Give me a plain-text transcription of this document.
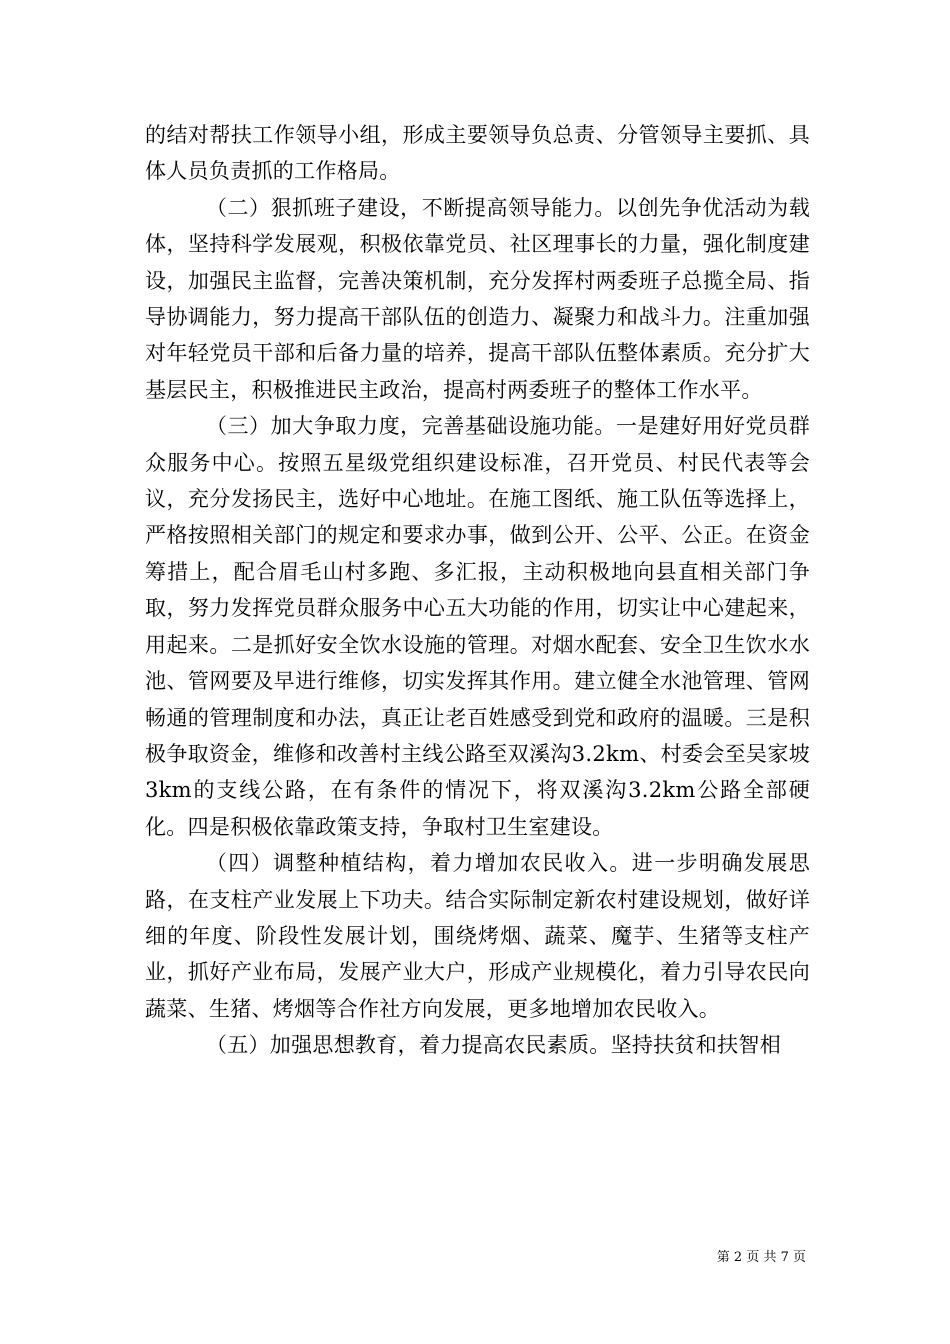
的结对帮扶工作领导小组，形成主要领导负总责、分管领导主要抓、具体人员负责抓的工作格局。

（二）狠抓班子建设，不断提高领导能力。以创先争优活动为载体，坚持科学发展观，积极依靠党员、社区理事长的力量，强化制度建设，加强民主监督，完善决策机制，充分发挥村两委班子总揽全局、指导协调能力，努力提高干部队伍的创造力、凝聚力和战斗力。注重加强对年轻党员干部和后备力量的培养，提高干部队伍整体素质。充分扩大基层民主，积极推进民主政治，提高村两委班子的整体工作水平。

（三）加大争取力度，完善基础设施功能。一是建好用好党员群众服务中心。按照五星级党组织建设标准，召开党员、村民代表等会议，充分发扬民主，选好中心地址。在施工图纸、施工队伍等选择上，严格按照相关部门的规定和要求办事，做到公开、公平、公正。在资金筹措上，配合眉毛山村多跑、多汇报，主动积极地向县直相关部门争取，努力发挥党员群众服务中心五大功能的作用，切实让中心建起来，用起来。二是抓好安全饮水设施的管理。对烟水配套、安全卫生饮水水池、管网要及早进行维修，切实发挥其作用。建立健全水池管理、管网畅通的管理制度和办法，真正让老百姓感受到党和政府的温暖。三是积极争取资金，维修和改善村主线公路至双溪沟3.2km、村委会至吴家坡3km的支线公路，在有条件的情况下，将双溪沟3.2km公路全部硬化。四是积极依靠政策支持，争取村卫生室建设。

（四）调整种植结构，着力增加农民收入。进一步明确发展思路，在支柱产业发展上下功夫。结合实际制定新农村建设规划，做好详细的年度、阶段性发展计划，围绕烤烟、蔬菜、魔芋、生猪等支柱产业，抓好产业布局，发展产业大户，形成产业规模化，着力引导农民向蔬菜、生猪、烤烟等合作社方向发展，更多地增加农民收入。

（五）加强思想教育，着力提高农民素质。坚持扶贫和扶智相

第 2 页 共 7 页
